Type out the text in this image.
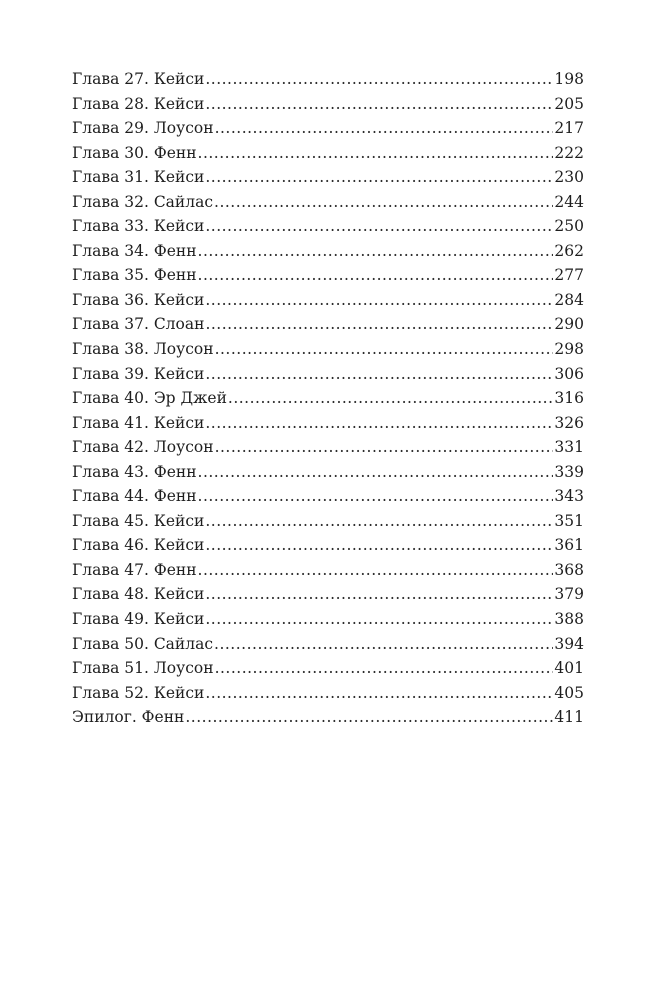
Глава 27. Кейси .....	198
Глава 28. Кейси .....	205
Глава 29. Лоусон .....	217
Глава 30. Фенн .....	222
Глава 31. Кейси .....	230
Глава 32. Сайлас .....	244
Глава 33. Кейси .....	250
Глава 34. Фенн .....	262
Глава 35. Фенн .....	277
Глава 36. Кейси .....	284
Глава 37. Слоан .....	290
Глава 38. Лоусон .....	298
Глава 39. Кейси .....	306
Глава 40. Эр Джей .....	316
Глава 41. Кейси .....	326
Глава 42. Лоусон .....	331
Глава 43. Фенн .....	339
Глава 44. Фенн .....	343
Глава 45. Кейси .....	351
Глава 46. Кейси .....	361
Глава 47. Фенн .....	368
Глава 48. Кейси .....	379
Глава 49. Кейси .....	388
Глава 50. Сайлас .....	394
Глава 51. Лоусон .....	401
Глава 52. Кейси .....	405
Эпилог. Фенн .....	411
